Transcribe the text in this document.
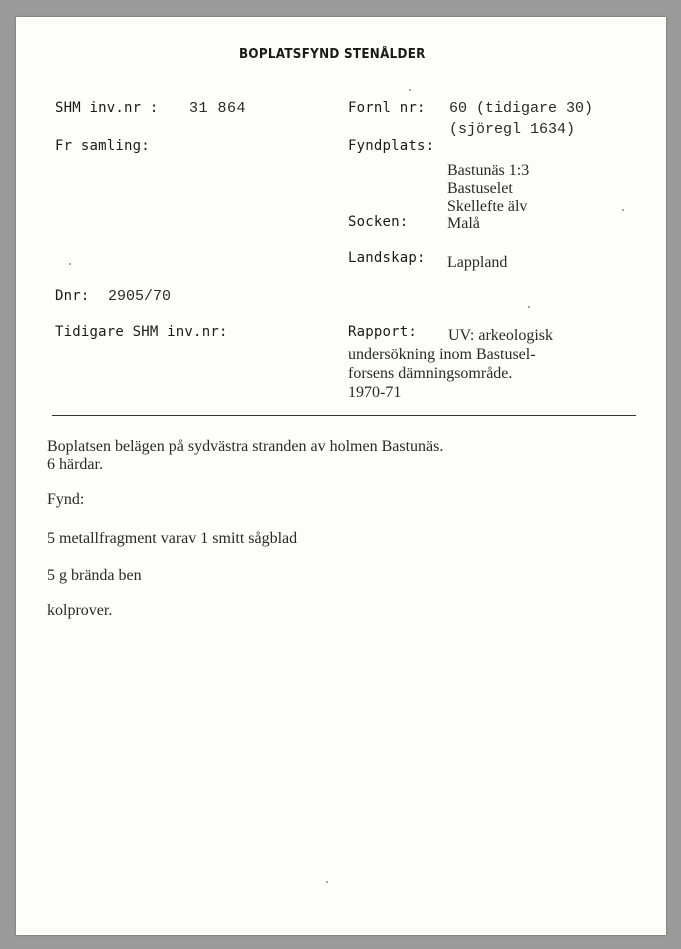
BOPLATSFYND STENÅLDER
SHM inv.nr : 31 864	Fornl nr: 60 (tidigare 30)
(sjöregl 1634)
Fr samling:	Fyndplats:
Bastunäs 1:3
Bastuselet
Skellefte älv
Socken: Malå
Landskap: Lappland
Dnr: 2905/70
Tidigare SHM inv.nr:	Rapport: UV: arkeologisk
undersökning inom Bastusel-
forsens dämningsområde.
1970-71
Boplatsen belägen på sydvästra stranden av holmen Bastunäs.
6 härdar.
Fynd:
5 metallfragment varav 1 smitt sågblad
5 g brända ben
kolprover.
